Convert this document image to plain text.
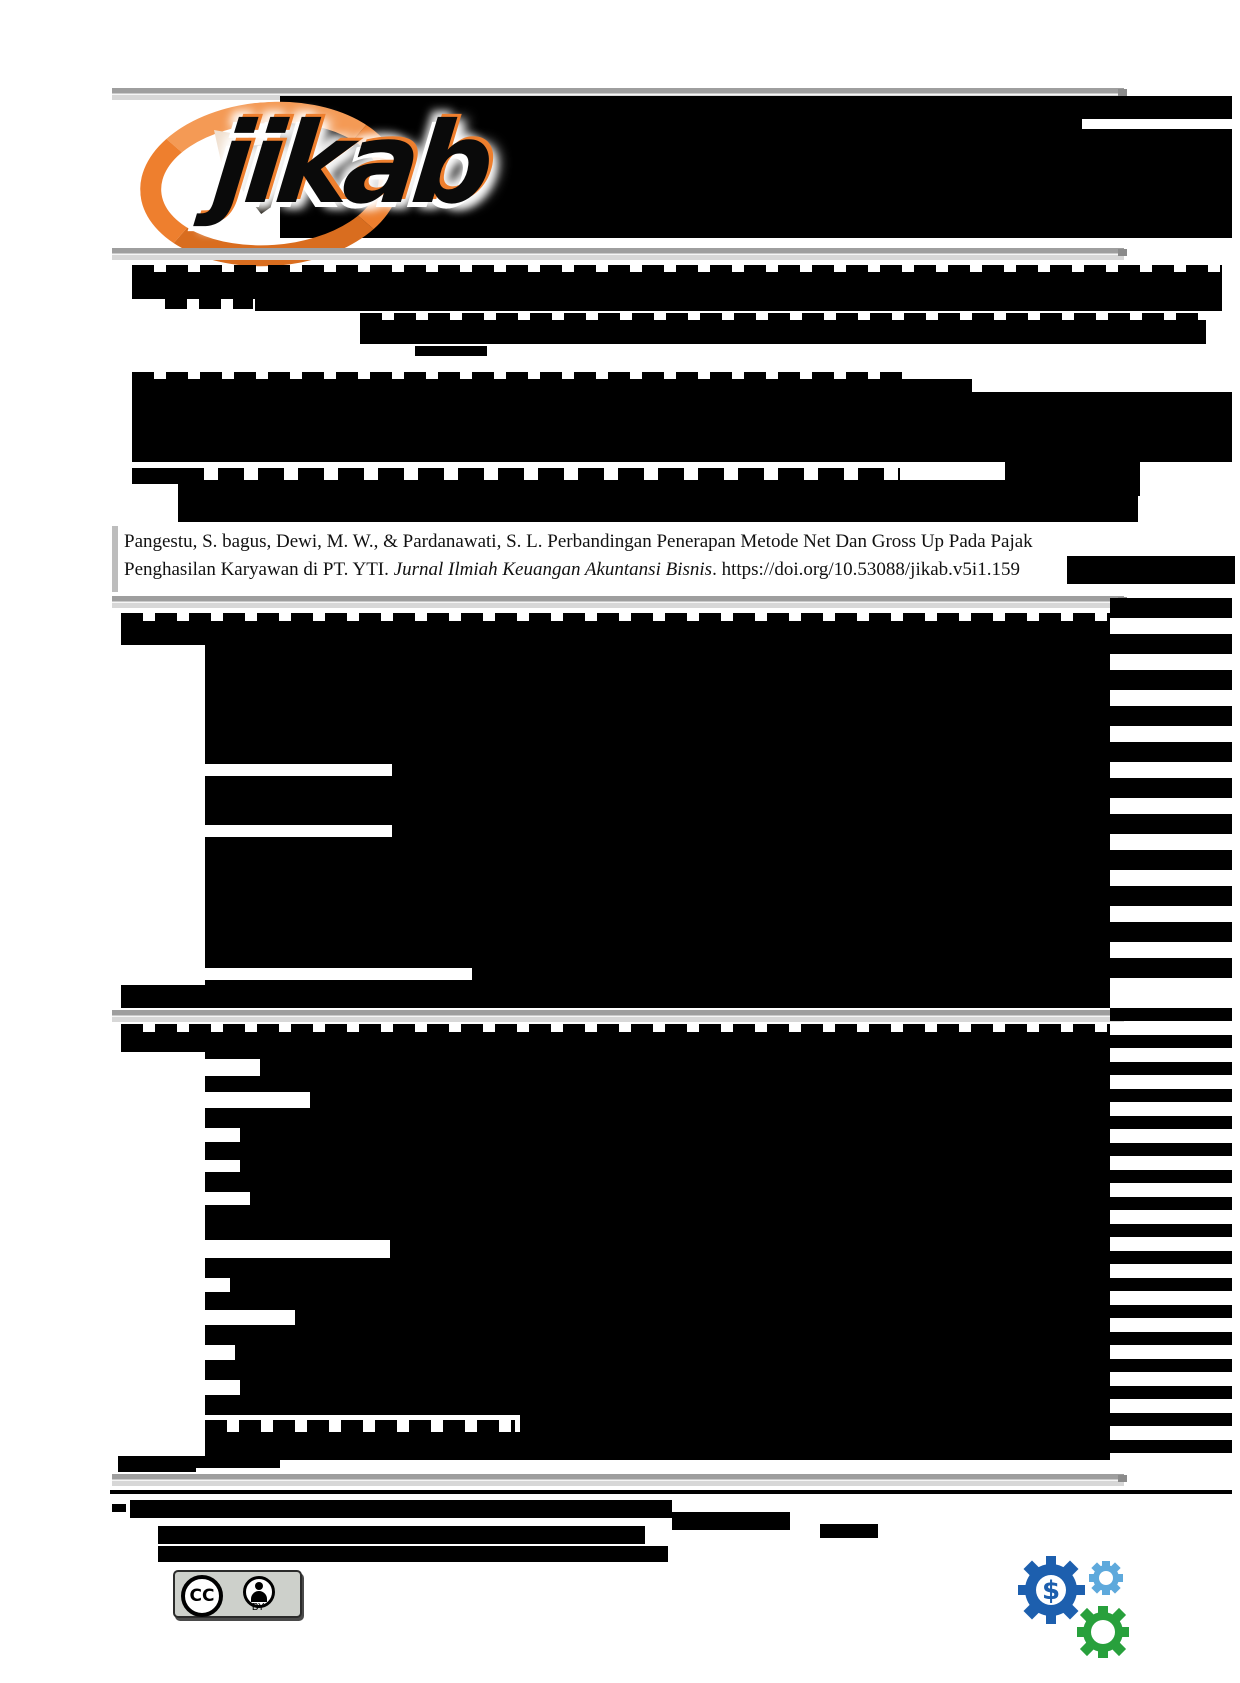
jikab
Pangestu, S. bagus, Dewi, M. W., & Pardanawati, S. L. Perbandingan Penerapan Metode Net Dan Gross Up Pada Pajak
Penghasilan Karyawan di PT. YTI. Jurnal Ilmiah Keuangan Akuntansi Bisnis. https://doi.org/10.53088/jikab.v5i1.159
CC
BY
$
